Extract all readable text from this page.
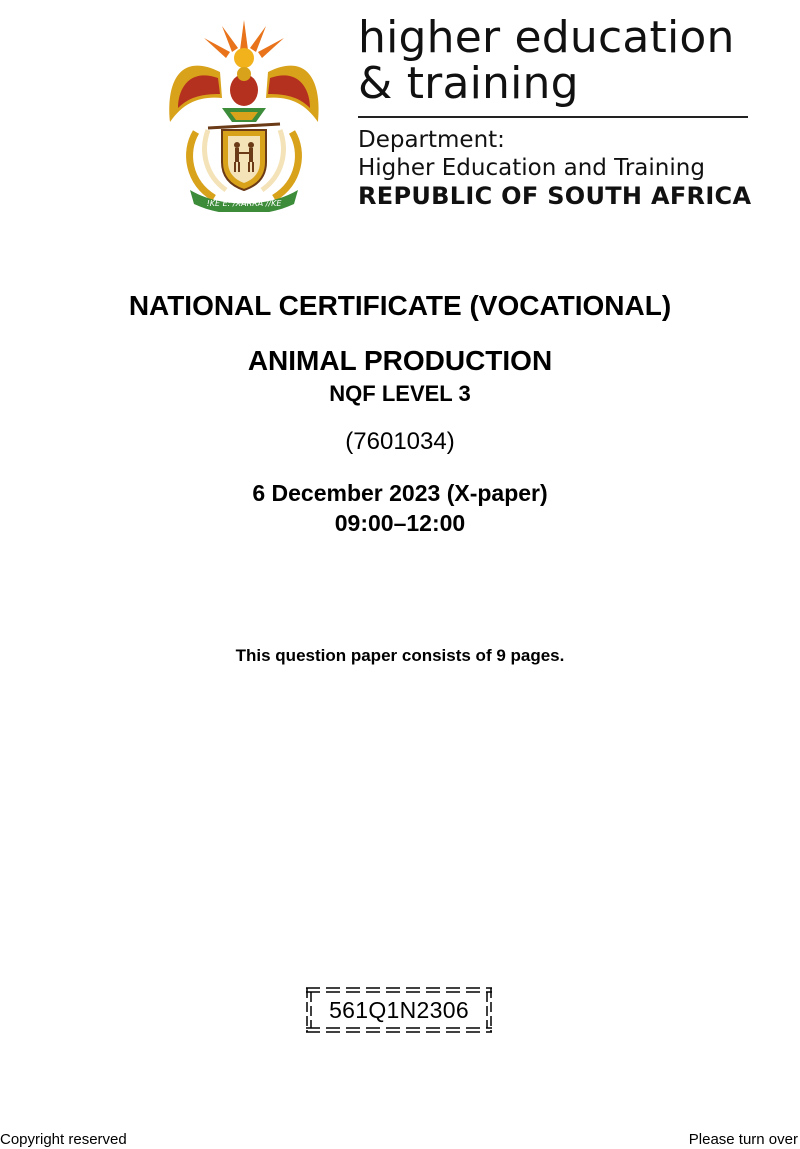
!KE E: /XARRA //KE
higher education
& training
Department:
Higher Education and Training
REPUBLIC OF SOUTH AFRICA
NATIONAL CERTIFICATE (VOCATIONAL)
ANIMAL PRODUCTION
NQF LEVEL 3
(7601034)
6 December 2023 (X-paper)
09:00–12:00
This question paper consists of 9 pages.
561Q1N2306
Copyright reserved	Please turn over
